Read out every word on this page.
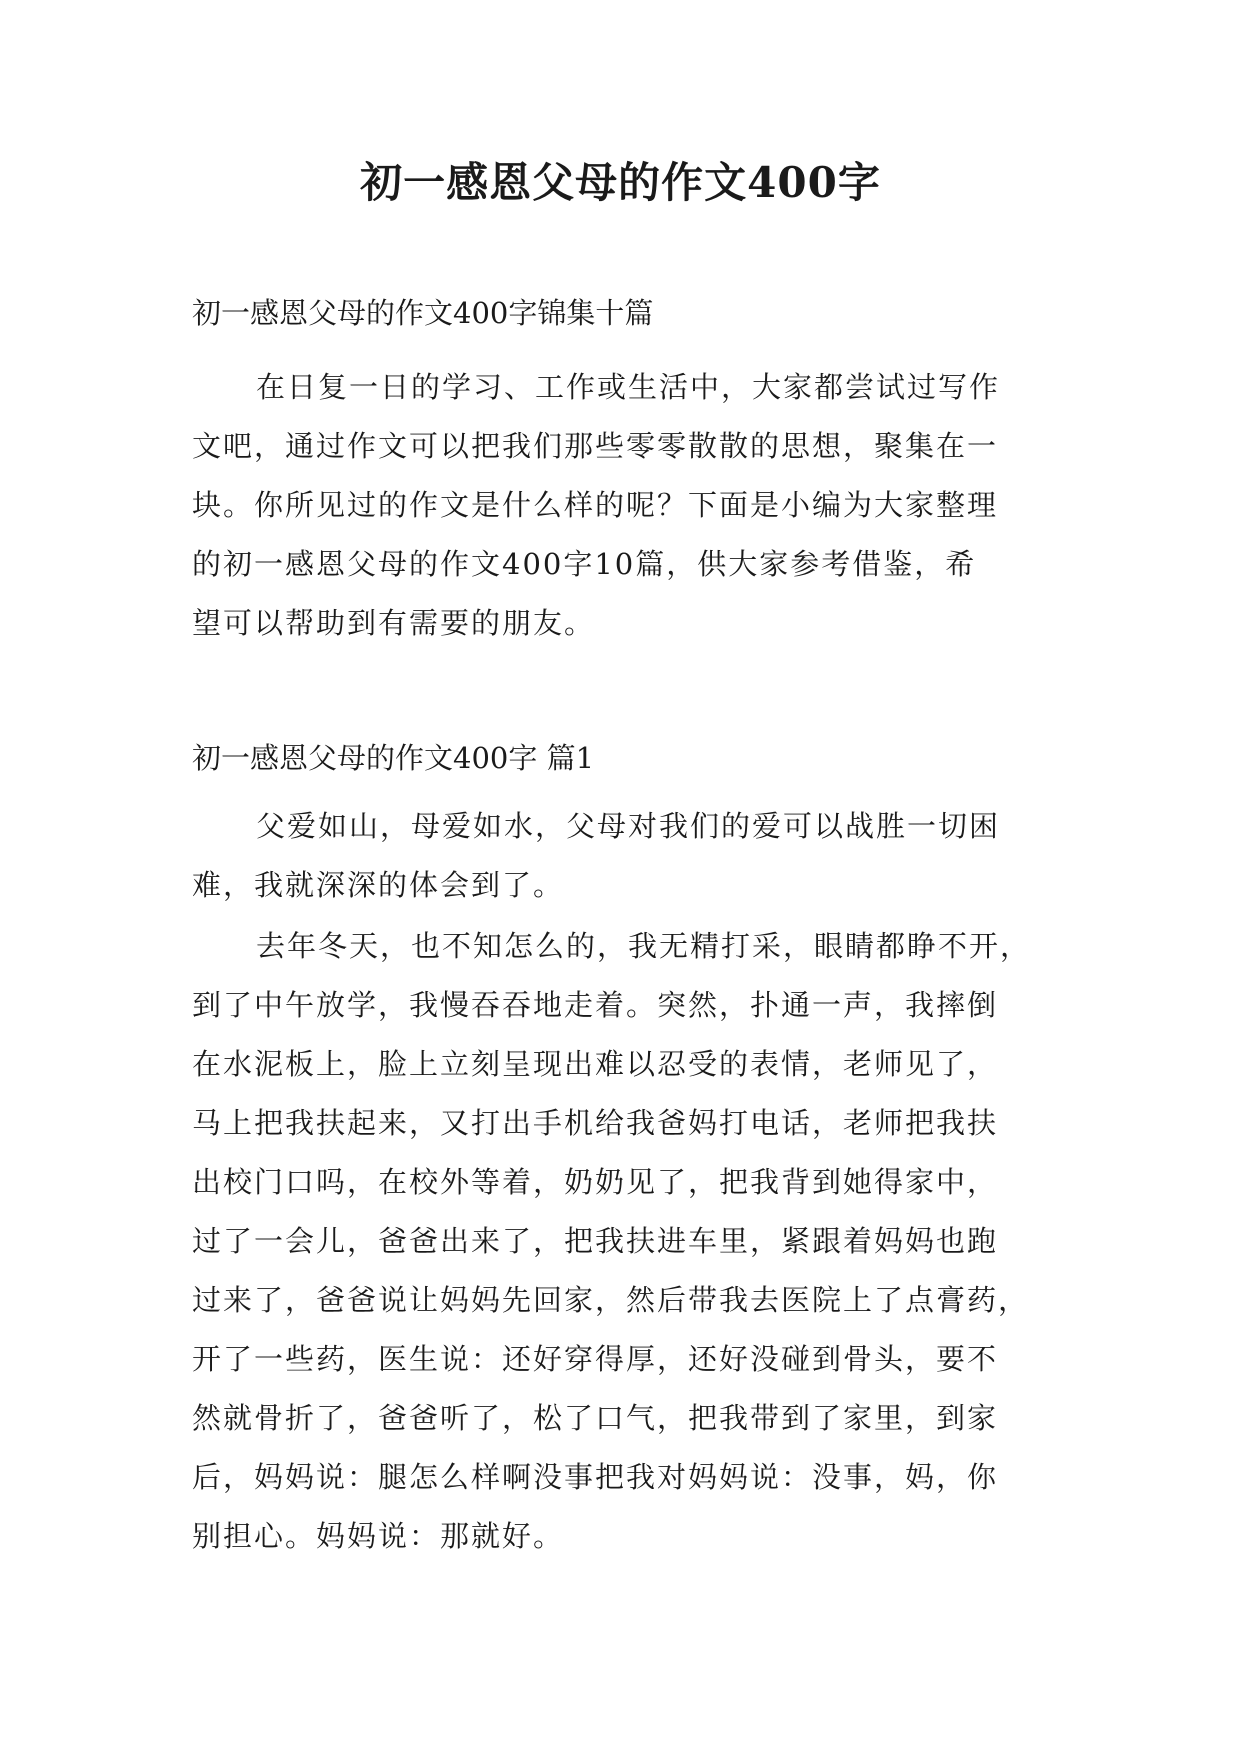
初一感恩父母的作文400字

初一感恩父母的作文400字锦集十篇

在日复一日的学习、工作或生活中，大家都尝试过写作
文吧，通过作文可以把我们那些零零散散的思想，聚集在一
块。你所见过的作文是什么样的呢？下面是小编为大家整理
的初一感恩父母的作文400字10篇，供大家参考借鉴，希
望可以帮助到有需要的朋友。

初一感恩父母的作文400字 篇1

父爱如山，母爱如水，父母对我们的爱可以战胜一切困
难，我就深深的体会到了。
去年冬天，也不知怎么的，我无精打采，眼睛都睁不开，
到了中午放学，我慢吞吞地走着。突然，扑通一声，我摔倒
在水泥板上，脸上立刻呈现出难以忍受的表情，老师见了，
马上把我扶起来，又打出手机给我爸妈打电话，老师把我扶
出校门口吗，在校外等着，奶奶见了，把我背到她得家中，
过了一会儿，爸爸出来了，把我扶进车里，紧跟着妈妈也跑
过来了，爸爸说让妈妈先回家，然后带我去医院上了点膏药，
开了一些药，医生说：还好穿得厚，还好没碰到骨头，要不
然就骨折了，爸爸听了，松了口气，把我带到了家里，到家
后，妈妈说：腿怎么样啊没事把我对妈妈说：没事，妈，你
别担心。妈妈说：那就好。
